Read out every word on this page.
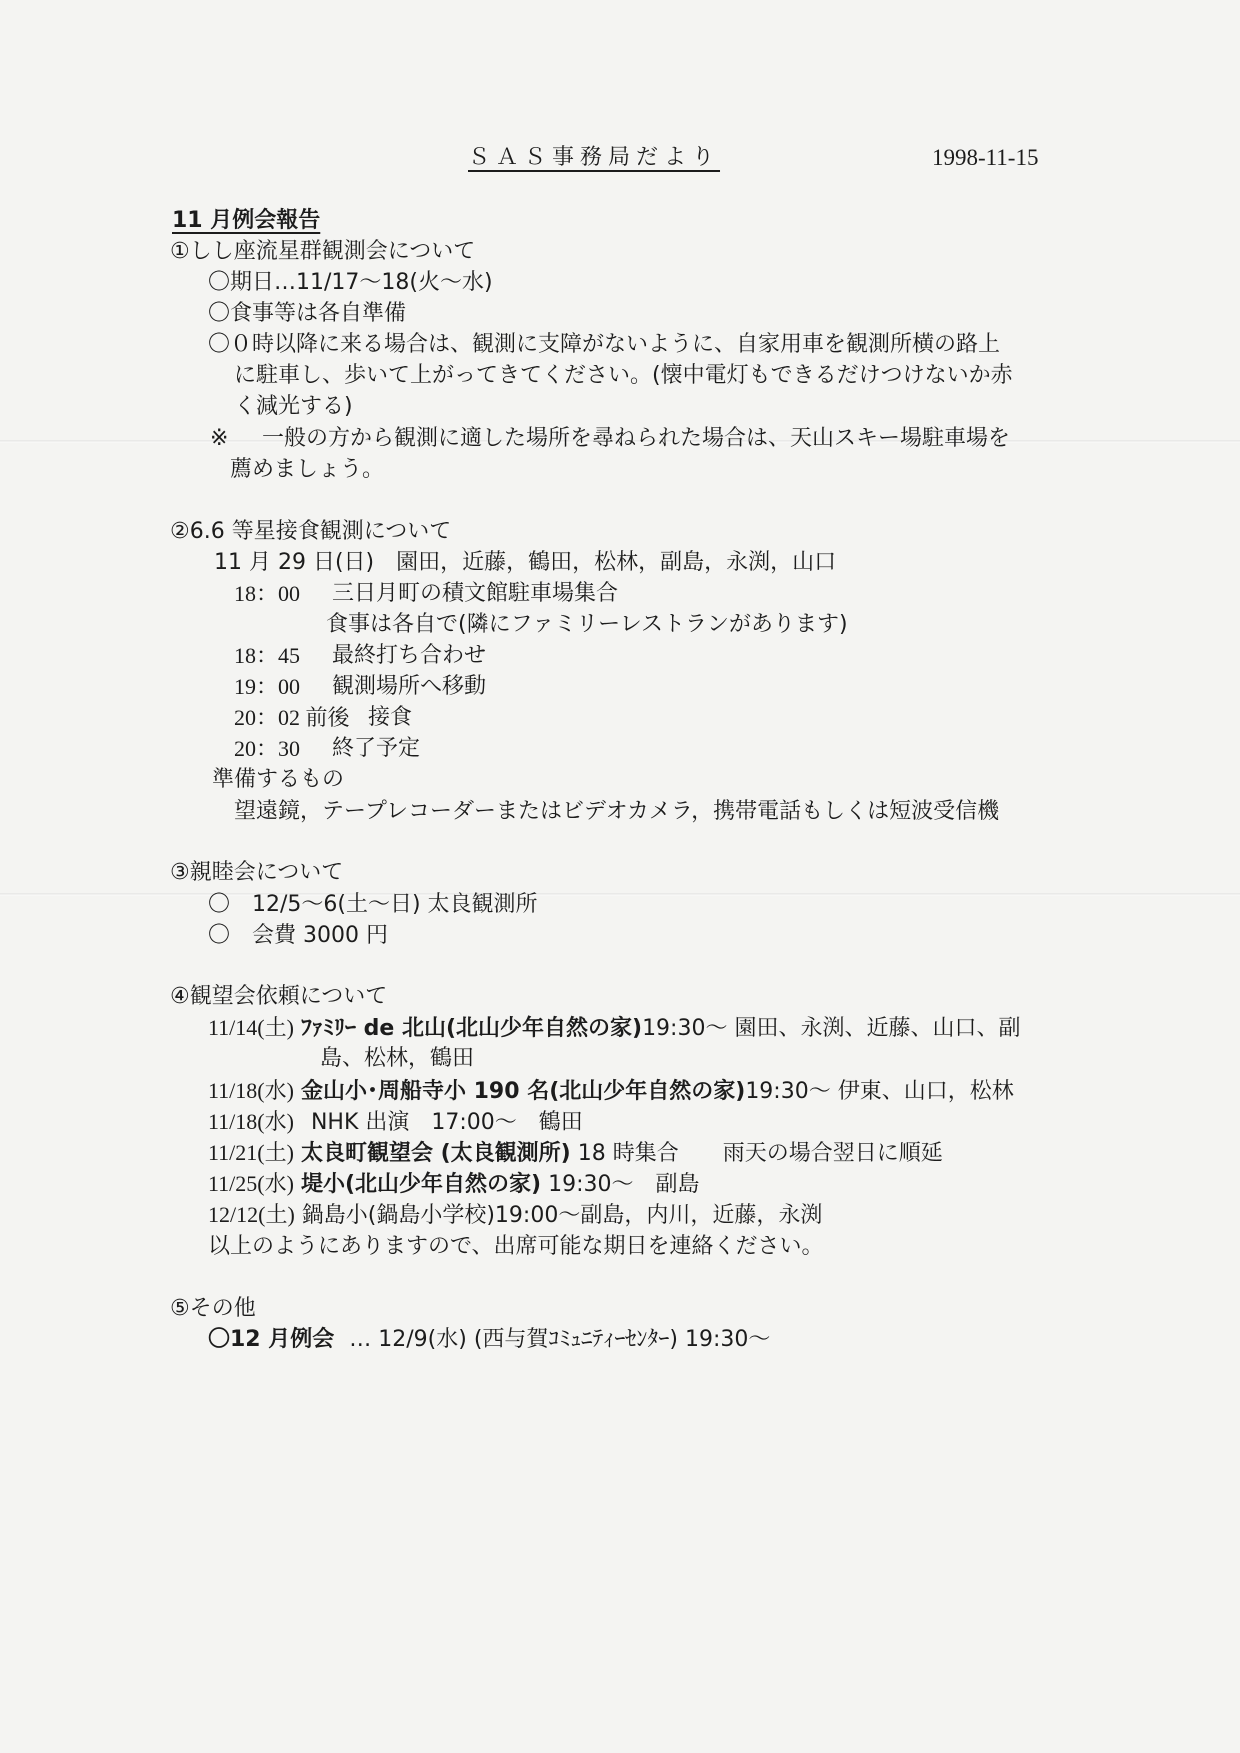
ＳＡＳ事務局だより	1998-11-15
11 月例会報告
①しし座流星群観測会について
〇期日…11/17～18(火～水)
〇食事等は各自準備
〇０時以降に来る場合は、観測に支障がないように、自家用車を観測所横の路上
に駐車し、歩いて上がってきてください。(懐中電灯もできるだけつけないか赤
く減光する)
※ 一般の方から観測に適した場所を尋ねられた場合は、天山スキー場駐車場を
薦めましょう。
②6.6 等星接食観測について
11 月 29 日(日)　園田，近藤，鶴田，松林，副島，永渕，山口
18：00 三日月町の積文館駐車場集合
食事は各自で(隣にファミリーレストランがあります)
18：45 最終打ち合わせ
19：00 観測場所へ移動
20：02 前後 接食
20：30 終了予定
準備するもの
望遠鏡，テープレコーダーまたはビデオカメラ，携帯電話もしくは短波受信機
③親睦会について
〇　12/5～6(土～日) 太良観測所
〇　会費 3000 円
④観望会依頼について
11/14(土) ﾌｧﾐﾘｰ de 北山(北山少年自然の家)19:30～ 園田、永渕、近藤、山口、副
島、松林，鶴田
11/18(水) 金山小･周船寺小 190 名(北山少年自然の家)19:30～ 伊東、山口，松林
11/18(水) NHK 出演　17:00～　鶴田
11/21(土) 太良町観望会 (太良観測所) 18 時集合　　雨天の場合翌日に順延
11/25(水) 堤小(北山少年自然の家) 19:30～　副島
12/12(土) 鍋島小(鍋島小学校)19:00～副島，内川，近藤，永渕
以上のようにありますので、出席可能な期日を連絡ください。
⑤その他
〇12 月例会 … 12/9(水) (西与賀ｺﾐｭﾆﾃｨｰｾﾝﾀｰ) 19:30～
